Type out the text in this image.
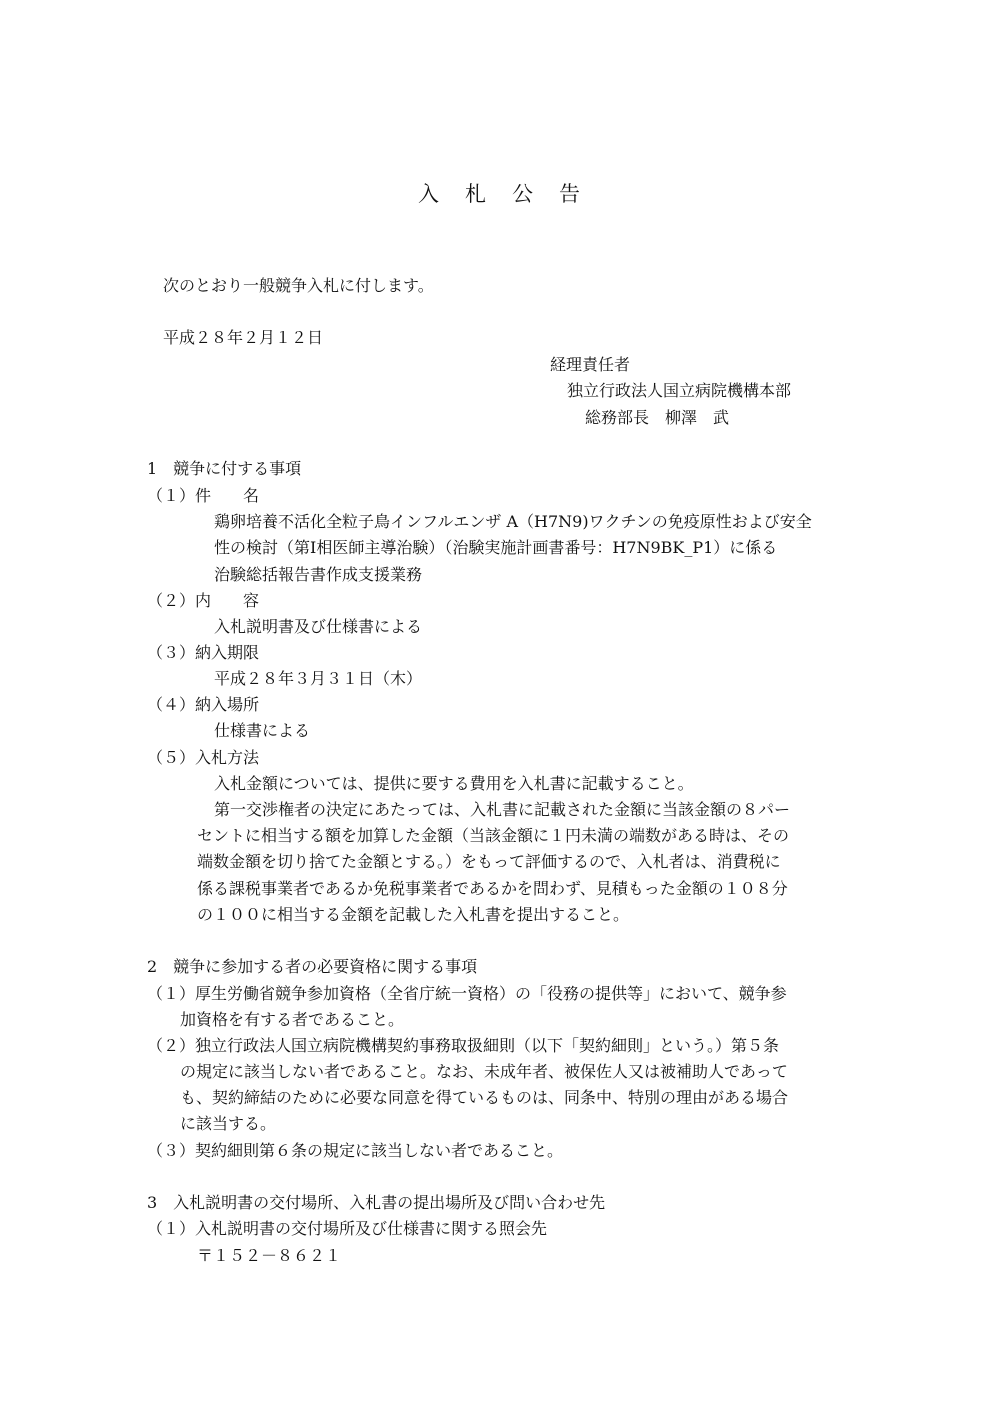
入 札 公 告

次のとおり一般競争入札に付します。

平成２８年２月１２日

経理責任者

独立行政法人国立病院機構本部

総務部長　柳澤　武

1　競争に付する事項

（１）件　　名

鶏卵培養不活化全粒子鳥インフルエンザ A（H7N9)ワクチンの免疫原性および安全

性の検討（第Ⅰ相医師主導治験）（治験実施計画書番号：H7N9BK_P1）に係る

治験総括報告書作成支援業務

（２）内　　容

入札説明書及び仕様書による

（３）納入期限

平成２８年３月３１日（木）

（４）納入場所

仕様書による

（５）入札方法

入札金額については、提供に要する費用を入札書に記載すること。

第一交渉権者の決定にあたっては、入札書に記載された金額に当該金額の８パー

セントに相当する額を加算した金額（当該金額に１円未満の端数がある時は、その

端数金額を切り捨てた金額とする。）をもって評価するので、入札者は、消費税に

係る課税事業者であるか免税事業者であるかを問わず、見積もった金額の１０８分

の１００に相当する金額を記載した入札書を提出すること。

2　競争に参加する者の必要資格に関する事項

（１）厚生労働省競争参加資格（全省庁統一資格）の「役務の提供等」において、競争参

加資格を有する者であること。

（２）独立行政法人国立病院機構契約事務取扱細則（以下「契約細則」という。）第５条

の規定に該当しない者であること。なお、未成年者、被保佐人又は被補助人であって

も、契約締結のために必要な同意を得ているものは、同条中、特別の理由がある場合

に該当する。

（３）契約細則第６条の規定に該当しない者であること。

3　入札説明書の交付場所、入札書の提出場所及び問い合わせ先

（１）入札説明書の交付場所及び仕様書に関する照会先

〒１５２－８６２１
